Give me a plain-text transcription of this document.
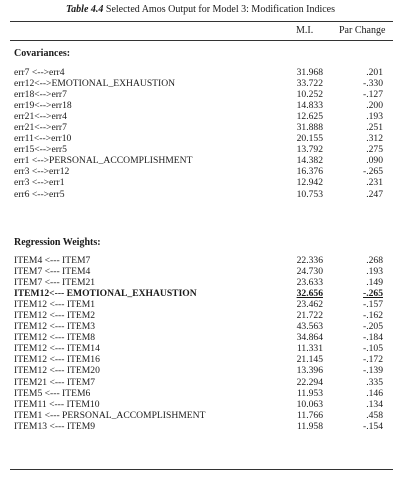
Table 4.4 Selected Amos Output for Model 3: Modification Indices
M.I.	Par Change
Covariances:
err7 <-->err4	31.968	.201
err12<-->EMOTIONAL_EXHAUSTION	33.722	-.330
err18<-->err7	10.252	-.127
err19<-->err18	14.833	.200
err21<-->err4	12.625	.193
err21<-->err7	31.888	.251
err11<-->err10	20.155	.312
err15<-->err5	13.792	.275
err1 <-->PERSONAL_ACCOMPLISHMENT	14.382	.090
err3 <-->err12	16.376	-.265
err3 <-->err1	12.942	.231
err6 <-->err5	10.753	.247
Regression Weights:
ITEM4 <--- ITEM7	22.336	.268
ITEM7 <--- ITEM4	24.730	.193
ITEM7 <--- ITEM21	23.633	.149
ITEM12<--- EMOTIONAL_EXHAUSTION	32.656	-.265
ITEM12 <--- ITEM1	23.462	-.157
ITEM12 <--- ITEM2	21.722	-.162
ITEM12 <--- ITEM3	43.563	-.205
ITEM12 <--- ITEM8	34.864	-.184
ITEM12 <--- ITEM14	11.331	-.105
ITEM12 <--- ITEM16	21.145	-.172
ITEM12 <--- ITEM20	13.396	-.139
ITEM21 <--- ITEM7	22.294	.335
ITEM5 <--- ITEM6	11.953	.146
ITEM11 <--- ITEM10	10.063	.134
ITEM1 <--- PERSONAL_ACCOMPLISHMENT	11.766	.458
ITEM13 <--- ITEM9	11.958	-.154
